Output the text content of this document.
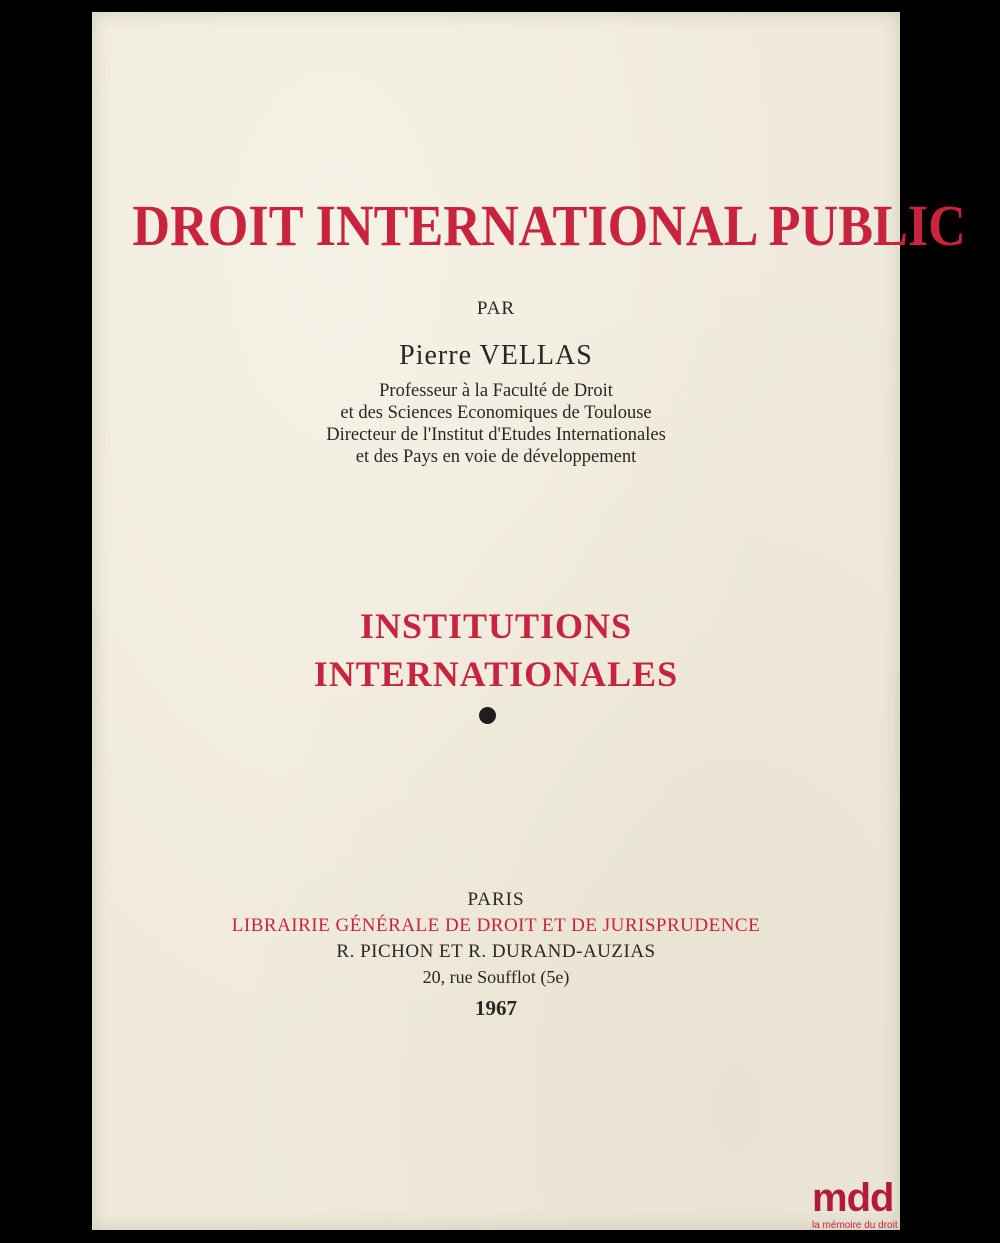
DROIT INTERNATIONAL PUBLIC
PAR
Pierre VELLAS
Professeur à la Faculté de Droit
et des Sciences Economiques de Toulouse
Directeur de l'Institut d'Etudes Internationales
et des Pays en voie de développement
INSTITUTIONS
INTERNATIONALES
PARIS
LIBRAIRIE GÉNÉRALE DE DROIT ET DE JURISPRUDENCE
R. PICHON ET R. DURAND-AUZIAS
20, rue Soufflot (5e)
1967
mdd
la mémoire du droit
